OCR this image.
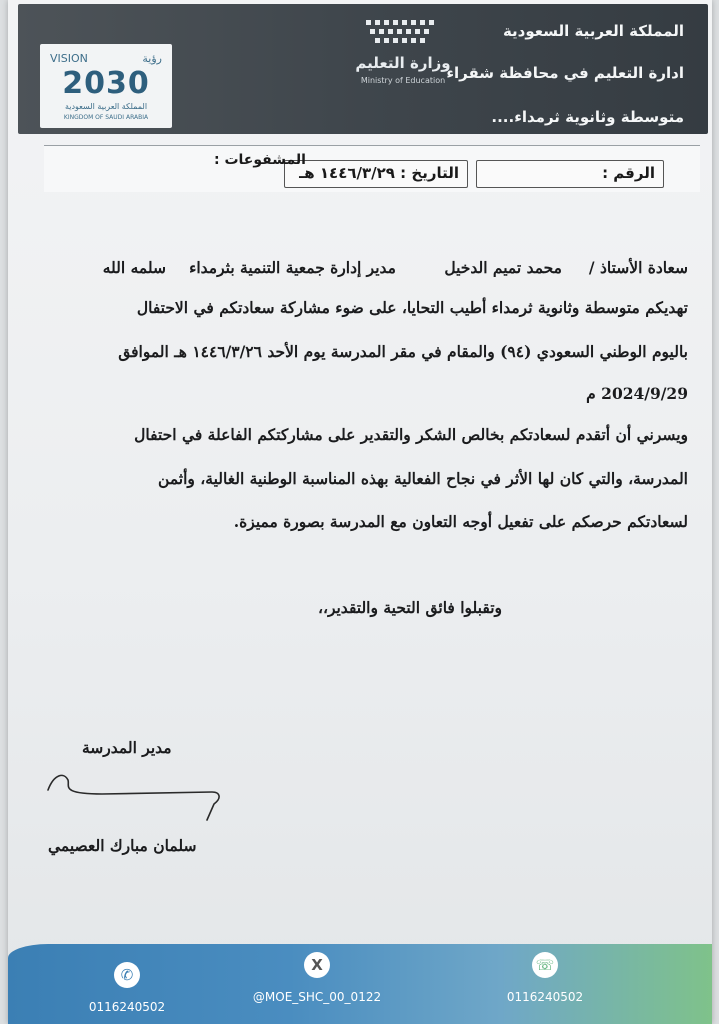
VISION	رؤية
2030
المملكة العربية السعودية
KINGDOM OF SAUDI ARABIA
وزارة التعليم
Ministry of Education
المملكة العربية السعودية
ادارة التعليم في محافظة شقراء
متوسطة وثانوية ثرمداء....
الرقم :
التاريخ : ١٤٤٦/٣/٢٩ هـ
المشفوعات :
سعادة الأستاذ /
محمد تميم الدخيل
مدير إدارة جمعية التنمية بثرمداء
سلمه الله
تهديكم متوسطة وثانوية ثرمداء أطيب التحايا، على ضوء مشاركة سعادتكم في الاحتفال
باليوم الوطني السعودي (٩٤) والمقام في مقر المدرسة يوم الأحد ١٤٤٦/٣/٢٦ هـ الموافق
2024/9/29 م
ويسرني أن أتقدم لسعادتكم بخالص الشكر والتقدير على مشاركتكم الفاعلة في احتفال
المدرسة، والتي كان لها الأثر في نجاح الفعالية بهذه المناسبة الوطنية الغالية، وأثمن
لسعادتكم حرصكم على تفعيل أوجه التعاون مع المدرسة بصورة مميزة.
وتقبلوا فائق التحية والتقدير،،
مدير المدرسة
سلمان مبارك العصيمي
✆
0116240502
X
@MOE_SHC_00_0122
☏
0116240502
